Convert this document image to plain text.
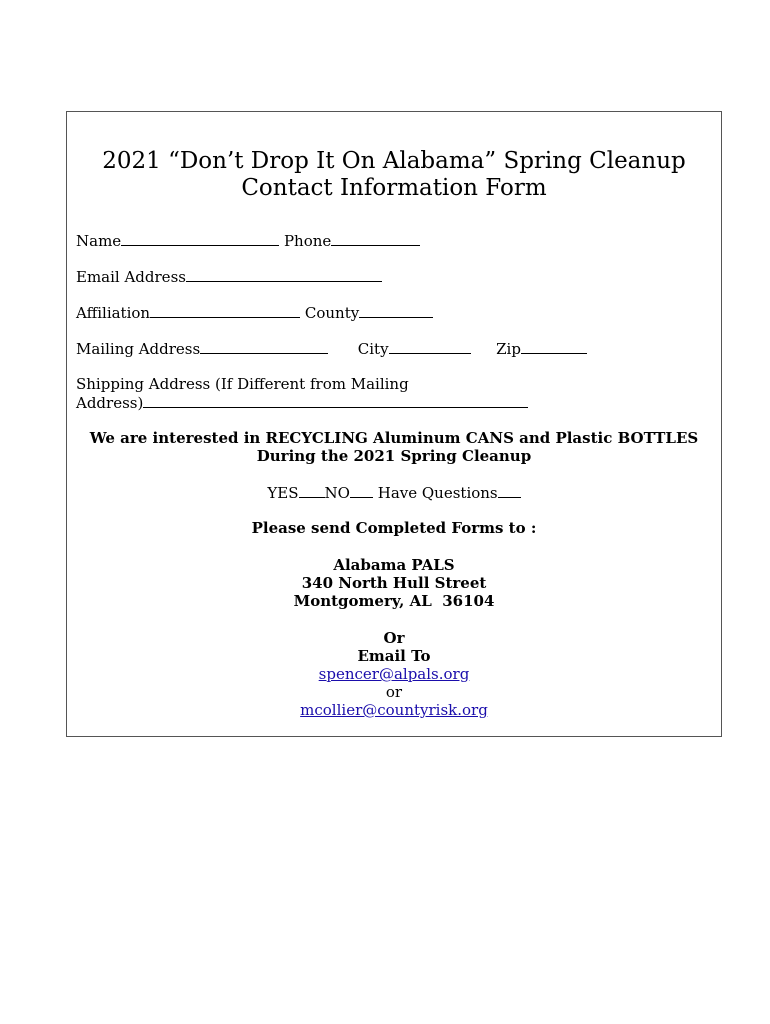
2021 “Don’t Drop It On Alabama” Spring Cleanup
Contact Information Form
Name	Phone
Email Address
Affiliation	County
Mailing Address	City	Zip
Shipping Address (If Different from Mailing
Address)
We are interested in RECYCLING Aluminum CANS and Plastic BOTTLES
During the 2021 Spring Cleanup
YES NO Have Questions
Please send Completed Forms to :
Alabama PALS
340 North Hull Street
Montgomery, AL  36104
Or
Email To
spencer@alpals.org
or
mcollier@countyrisk.org
